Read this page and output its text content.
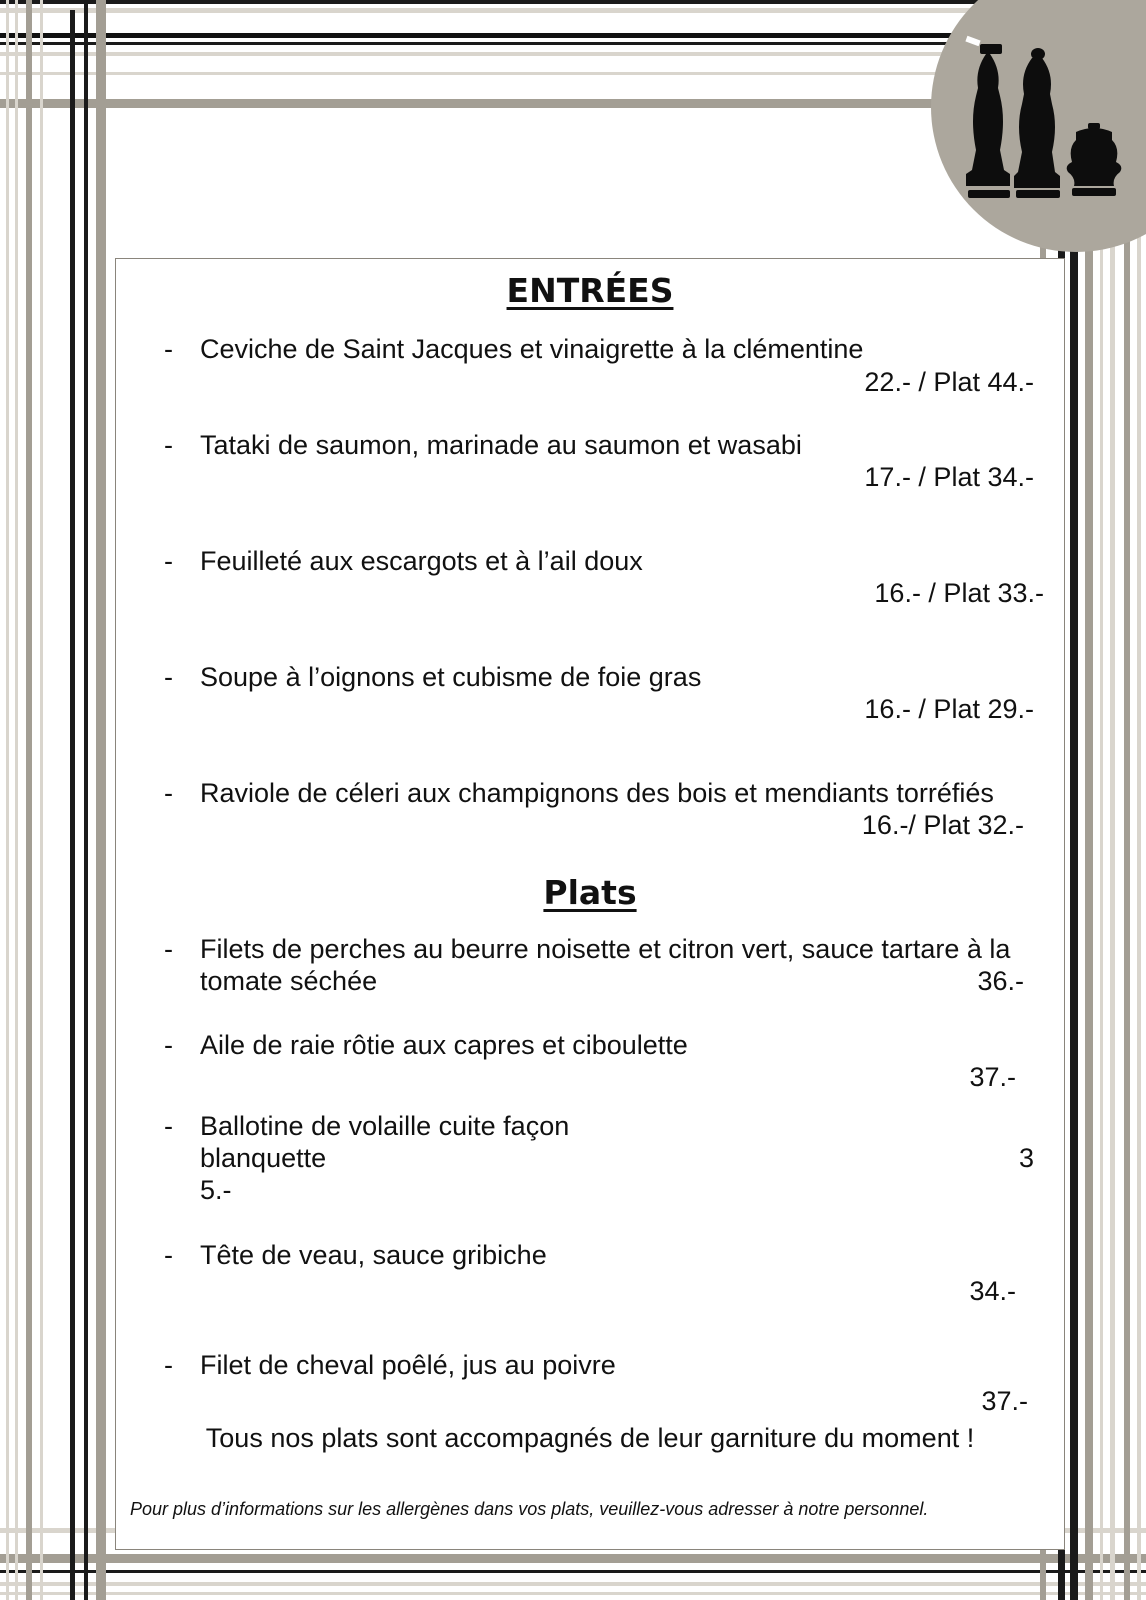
ENTRÉES
- Ceviche de Saint Jacques et vinaigrette à la clémentine
22.- / Plat 44.-
- Tataki de saumon, marinade au saumon et wasabi
17.- / Plat 34.-
- Feuilleté aux escargots et à l’ail doux
16.- / Plat 33.-
- Soupe à l’oignons et cubisme de foie gras
16.- / Plat 29.-
- Raviole de céleri aux champignons des bois et mendiants torréfiés
16.-/ Plat 32.-
Plats
- Filets de perches au beurre noisette et citron vert, sauce tartare à la
tomate séchée	36.-
- Aile de raie rôtie aux capres et ciboulette
37.-
- Ballotine de volaille cuite façon
blanquette	3
5.-
- Tête de veau, sauce gribiche
34.-
- Filet de cheval poêlé, jus au poivre
37.-
Tous nos plats sont accompagnés de leur garniture du moment !
Pour plus d’informations sur les allergènes dans vos plats, veuillez-vous adresser à notre personnel.
